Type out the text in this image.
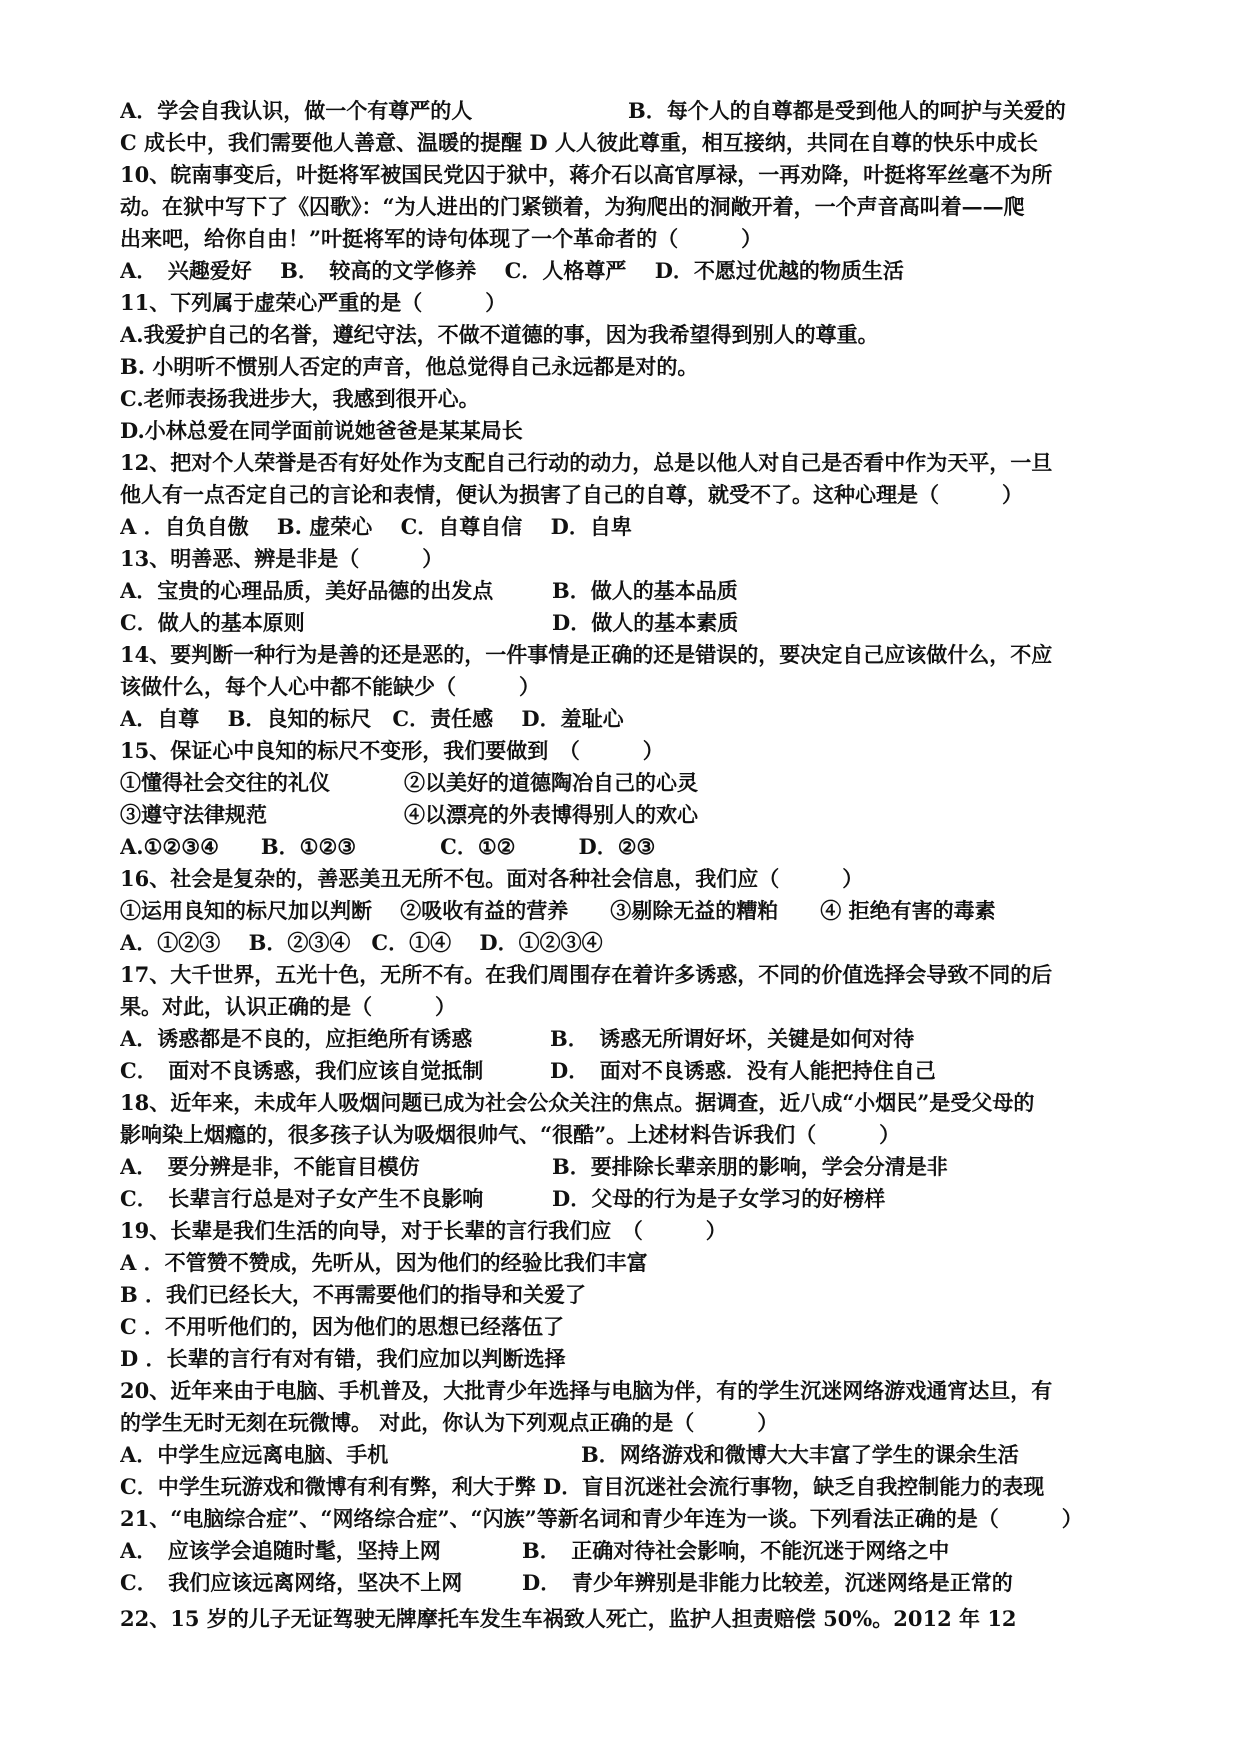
A．学会自我认识，做一个有尊严的人	B．每个人的自尊都是受到他人的呵护与关爱的
C 成长中，我们需要他人善意、温暖的提醒 D 人人彼此尊重，相互接纳，共同在自尊的快乐中成长
10、皖南事变后，叶挺将军被国民党囚于狱中，蒋介石以高官厚禄，一再劝降，叶挺将军丝毫不为所
动。在狱中写下了《囚歌》：“为人进出的门紧锁着，为狗爬出的洞敞开着，一个声音高叫着——爬
出来吧，给你自由！”叶挺将军的诗句体现了一个革命者的（　　　）
A．　兴趣爱好　 B．　较高的文学修养　 C．人格尊严　 D．不愿过优越的物质生活
11、下列属于虚荣心严重的是（　　　）
A.我爱护自己的名誉，遵纪守法，不做不道德的事，因为我希望得到别人的尊重。
B. 小明听不惯别人否定的声音，他总觉得自己永远都是对的。
C.老师表扬我进步大，我感到很开心。
D.小林总爱在同学面前说她爸爸是某某局长
12、把对个人荣誉是否有好处作为支配自己行动的动力，总是以他人对自己是否看中作为天平，一旦
他人有一点否定自己的言论和表情，便认为损害了自己的自尊，就受不了。这种心理是（　　　）
A ．自负自傲　 B. 虚荣心　 C．自尊自信　 D．自卑
13、明善恶、辨是非是（　　　）
A．宝贵的心理品质，美好品德的出发点	B．做人的基本品质
C．做人的基本原则	D．做人的基本素质
14、要判断一种行为是善的还是恶的，一件事情是正确的还是错误的，要决定自己应该做什么，不应
该做什么，每个人心中都不能缺少（　　　）
A．自尊　 B．良知的标尺　C．责任感　 D．羞耻心
15、保证心中良知的标尺不变形，我们要做到　（　　　）
①懂得社会交往的礼仪	②以美好的道德陶冶自己的心灵
③遵守法律规范	④以漂亮的外表博得别人的欢心
A.①②③④　　B．①②③　　　　C．①②　　　D．②③
16、社会是复杂的，善恶美丑无所不包。面对各种社会信息，我们应（　　　）
①运用良知的标尺加以判断　 ②吸收有益的营养　　③剔除无益的糟粕　　④ 拒绝有害的毒素
A．①②③　 B．②③④　C．①④　 D．①②③④
17、大千世界，五光十色，无所不有。在我们周围存在着许多诱惑，不同的价值选择会导致不同的后
果。对此，认识正确的是（　　　）
A．诱惑都是不良的，应拒绝所有诱惑	B．　诱惑无所谓好坏，关键是如何对待
C．　面对不良诱惑，我们应该自觉抵制	D．　面对不良诱惑．没有人能把持住自己
18、近年来，未成年人吸烟问题已成为社会公众关注的焦点。据调查，近八成“小烟民”是受父母的
影响染上烟瘾的，很多孩子认为吸烟很帅气、“很酷”。上述材料告诉我们（　　　）
A．　要分辨是非，不能盲目模仿	B．要排除长辈亲朋的影响，学会分清是非
C．　长辈言行总是对子女产生不良影响	D．父母的行为是子女学习的好榜样
19、长辈是我们生活的向导，对于长辈的言行我们应　（　　　）
A ．不管赞不赞成，先听从，因为他们的经验比我们丰富
B ．我们已经长大，不再需要他们的指导和关爱了
C ．不用听他们的，因为他们的思想已经落伍了
D ．长辈的言行有对有错，我们应加以判断选择
20、近年来由于电脑、手机普及，大批青少年选择与电脑为伴，有的学生沉迷网络游戏通宵达旦，有
的学生无时无刻在玩微博。 对此，你认为下列观点正确的是（　　　）
A．中学生应远离电脑、手机	B．网络游戏和微博大大丰富了学生的课余生活
C．中学生玩游戏和微博有利有弊，利大于弊 D．盲目沉迷社会流行事物，缺乏自我控制能力的表现
21、“电脑综合症”、“网络综合症”、“闪族”等新名词和青少年连为一谈。下列看法正确的是（　　　）
A．　应该学会追随时髦，坚持上网	B．　正确对待社会影响，不能沉迷于网络之中
C．　我们应该远离网络，坚决不上网	D．　青少年辨别是非能力比较差，沉迷网络是正常的
22、15 岁的儿子无证驾驶无牌摩托车发生车祸致人死亡，监护人担责赔偿 50%。2012 年 12
